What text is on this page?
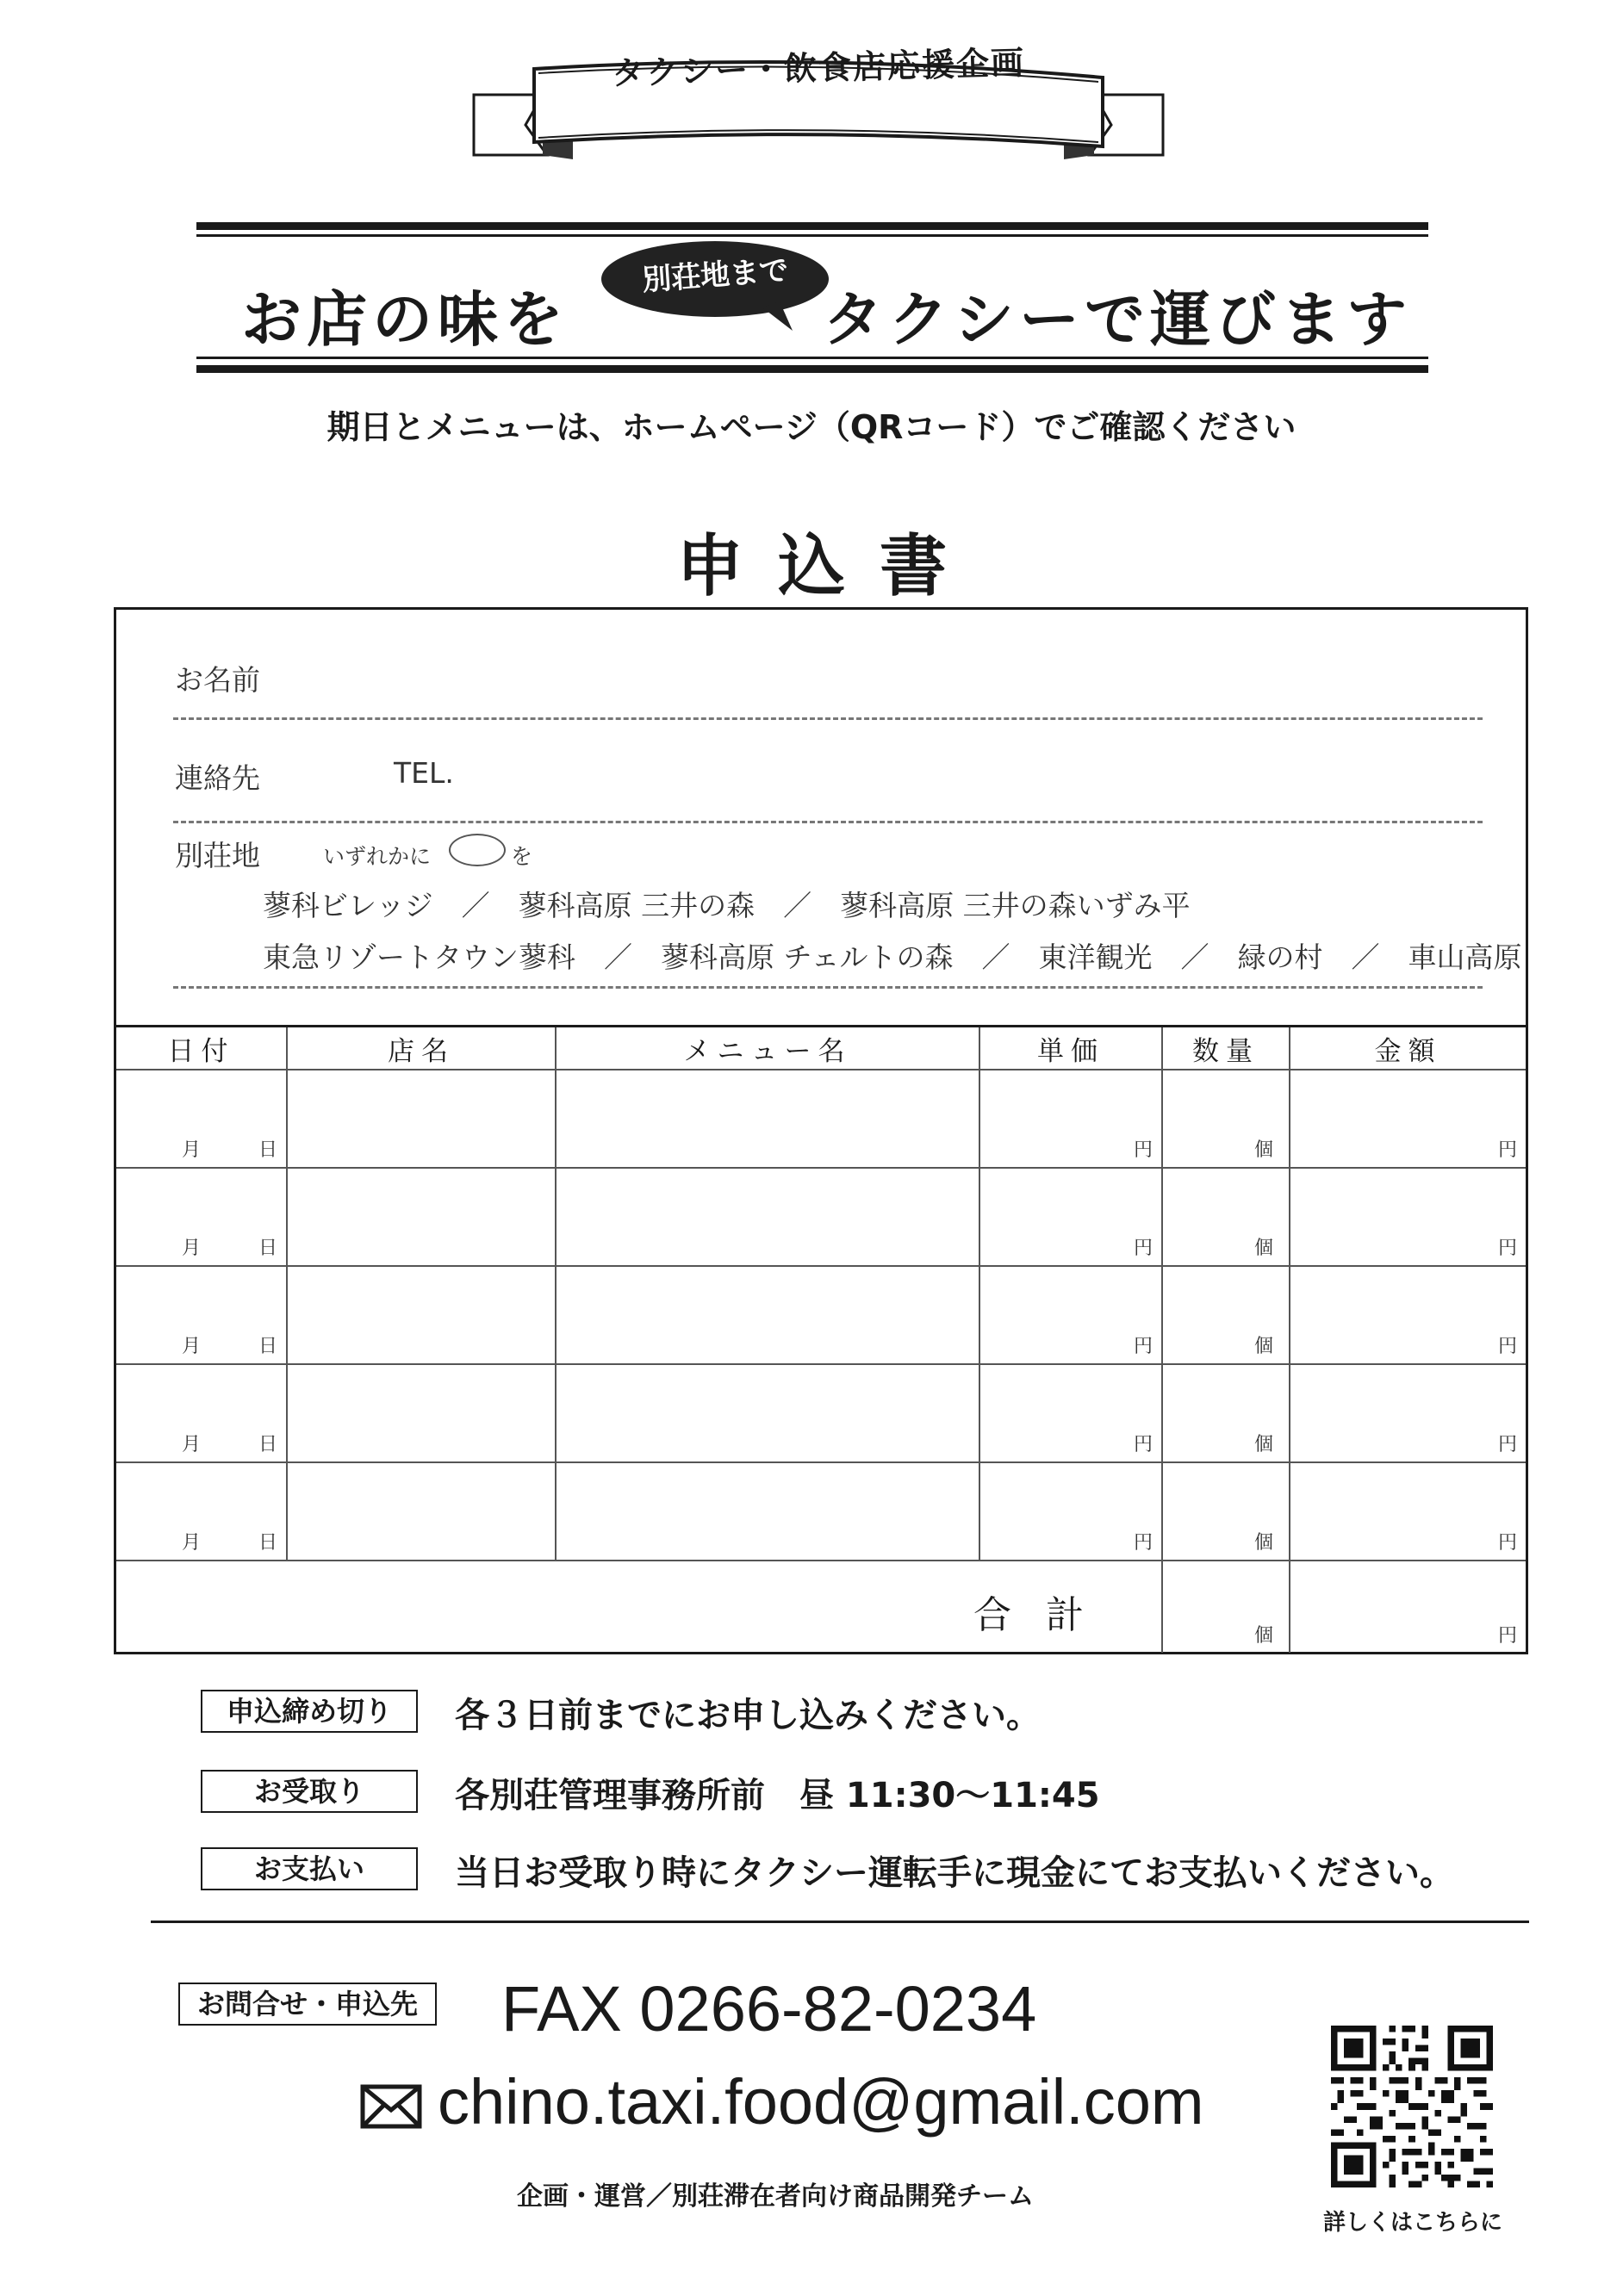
タクシー・飲食店応援企画
お店の味を
別荘地まで
タクシーで運びます
期日とメニューは、ホームページ（QRコード）でご確認ください
申込書
お名前
連絡先	TEL.
別荘地	いずれかに	を
蓼科ビレッジ　／　蓼科高原 三井の森　／　蓼科高原 三井の森いずみ平
東急リゾートタウン蓼科　／　蓼科高原 チェルトの森　／　東洋観光　／　緑の村　／　車山高原
日付	店名	メニュー名	単価	数量	金額

月 日			円	個	円

月 日			円	個	円

月 日			円	個	円

月 日			円	個	円

月 日			円	個	円

合計				個	円
申込締め切り	各３日前までにお申し込みください。
お受取り	各別荘管理事務所前　昼 11:30〜11:45
お支払い	当日お受取り時にタクシー運転手に現金にてお支払いください。
お問合せ・申込先 FAX 0266-82-0234
chino.taxi.food@gmail.com
企画・運営／別荘滞在者向け商品開発チーム
詳しくはこちらに
